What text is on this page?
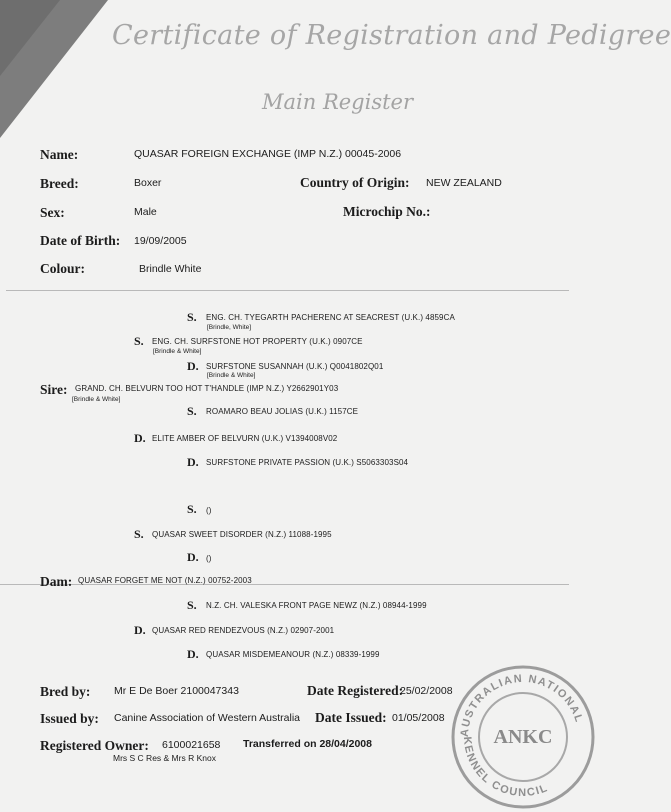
Certificate of Registration and Pedigree
Main Register
Name:	QUASAR FOREIGN EXCHANGE (IMP N.Z.) 00045-2006
Breed:	Boxer	Country of Origin: NEW ZEALAND
Sex:	Male	Microchip No.:
Date of Birth: 19/09/2005
Colour:	Brindle White
S. ENG. CH. TYEGARTH PACHERENC AT SEACREST (U.K.) 4859CA
[Brindle, White]
S. ENG. CH. SURFSTONE HOT PROPERTY (U.K.) 0907CE
[Brindle & White]
D. SURFSTONE SUSANNAH (U.K.) Q0041802Q01
[Brindle & White]
Sire: GRAND. CH. BELVURN TOO HOT T'HANDLE (IMP N.Z.) Y2662901Y03
[Brindle & White]
S. ROAMARO BEAU JOLIAS (U.K.) 1157CE
D. ELITE AMBER OF BELVURN (U.K.) V1394008V02
D. SURFSTONE PRIVATE PASSION (U.K.) S5063303S04
S. ()
S. QUASAR SWEET DISORDER (N.Z.) 11088-1995
D. ()
Dam: QUASAR FORGET ME NOT (N.Z.) 00752-2003
S. N.Z. CH. VALESKA FRONT PAGE NEWZ (N.Z.) 08944-1999
D. QUASAR RED RENDEZVOUS (N.Z.) 02907-2001
D. QUASAR MISDEMEANOUR (N.Z.) 08339-1999
Bred by: Mr E De Boer 2100047343	Date Registered:
25/02/2008
Issued by: Canine Association of Western Australia Date Issued: 01/05/2008
Registered Owner: 6100021658 Transferred on 28/04/2008
Mrs S C Res & Mrs R Knox
AUSTRALIAN NATIONAL
KENNEL COUNCIL
ANKC
